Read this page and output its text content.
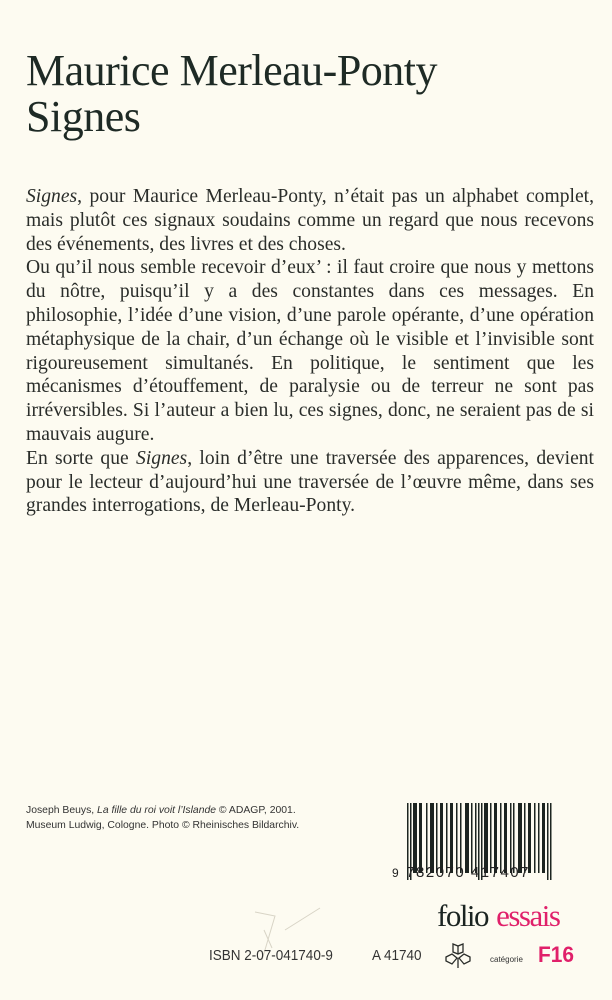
Maurice Merleau-Ponty
Signes

Signes, pour Maurice Merleau-Ponty, n’était pas un alphabet complet, mais plutôt ces signaux soudains comme un regard que nous recevons des événements, des livres et des choses.

Ou qu’il nous semble recevoir d’eux’ : il faut croire que nous y mettons du nôtre, puisqu’il y a des constantes dans ces messages. En philosophie, l’idée d’une vision, d’une parole opérante, d’une opération métaphysique de la chair, d’un échange où le visible et l’invisible sont rigoureusement simultanés. En politique, le sentiment que les mécanismes d’étouffement, de paralysie ou de terreur ne sont pas irréversibles. Si l’auteur a bien lu, ces signes, donc, ne seraient pas de si mauvais augure.

En sorte que Signes, loin d’être une traversée des apparences, devient pour le lecteur d’aujourd’hui une traversée de l’œuvre même, dans ses grandes interrogations, de Merleau-Ponty.

Joseph Beuys, La fille du roi voit l’Islande © ADAGP, 2001.
Museum Ludwig, Cologne. Photo © Rheinisches Bildarchiv.
9 782070 417407
folio essais
ISBN 2-07-041740-9	A 41740	catégorie F16
